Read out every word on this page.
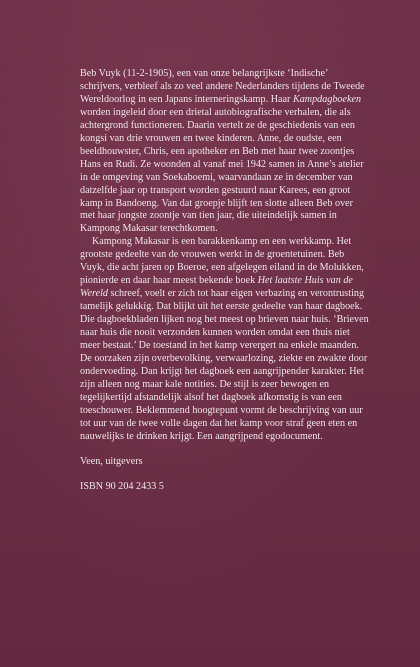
Beb Vuyk (11-2-1905), een van onze belangrijkste ‘Indische’ schrijvers, verbleef als zo veel andere Nederlanders tijdens de Tweede Wereldoorlog in een Japans interneringskamp. Haar Kampdagboeken worden ingeleid door een drietal autobiografische verhalen, die als achtergrond functioneren. Daarin vertelt ze de geschiedenis van een kongsi van drie vrouwen en twee kinderen. Anne, de oudste, een beeldhouwster, Chris, een apotheker en Beb met haar twee zoontjes Hans en Rudi. Ze woonden al vanaf mei 1942 samen in Anne’s atelier in de omgeving van Soekaboemi, waarvandaan ze in december van datzelfde jaar op transport worden gestuurd naar Karees, een groot kamp in Bandoeng. Van dat groepje blijft ten slotte alleen Beb over met haar jongste zoontje van tien jaar, die uiteindelijk samen in Kampong Makasar terechtkomen.

Kampong Makasar is een barakkenkamp en een werkkamp. Het grootste gedeelte van de vrouwen werkt in de groentetuinen. Beb Vuyk, die acht jaren op Boeroe, een afgelegen eiland in de Molukken, pionierde en daar haar meest bekende boek Het laatste Huis van de Wereld schreef, voelt er zich tot haar eigen verbazing en verontrusting tamelijk gelukkig. Dat blijkt uit het eerste gedeelte van haar dagboek. Die dagboekbladen lijken nog het meest op brieven naar huis. ‘Brieven naar huis die nooit verzonden kunnen worden omdat een thuis niet meer bestaat.’ De toestand in het kamp verergert na enkele maanden. De oorzaken zijn overbevolking, verwaarlozing, ziekte en zwakte door ondervoeding. Dan krijgt het dagboek een aangrijpender karakter. Het zijn alleen nog maar kale notities. De stijl is zeer bewogen en tegelijkertijd afstandelijk alsof het dagboek afkomstig is van een toeschouwer. Beklemmend hoogtepunt vormt de beschrijving van uur tot uur van de twee volle dagen dat het kamp voor straf geen eten en nauwelijks te drinken krijgt. Een aangrijpend egodocument.

Veen, uitgevers

ISBN 90 204 2433 5
